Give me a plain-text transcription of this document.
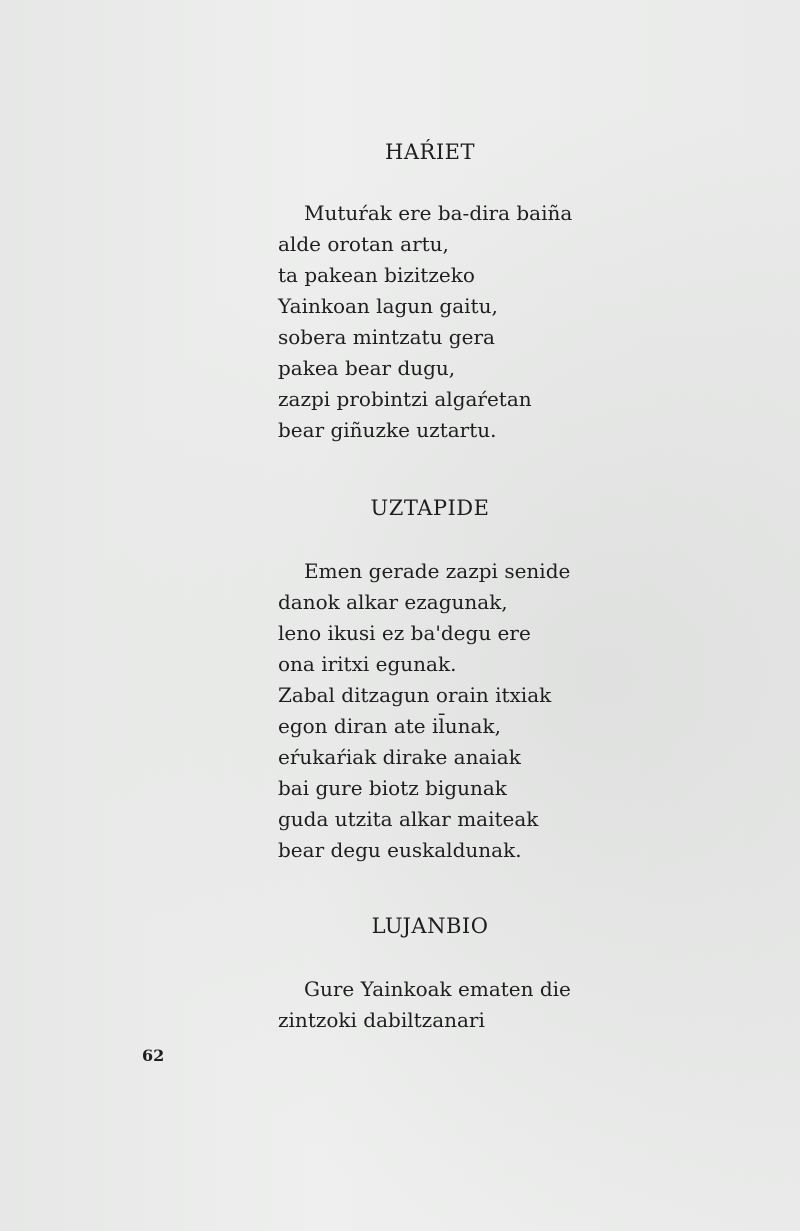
HAŔIET
Mutuŕak ere ba-dira baiña
alde orotan artu,
ta pakean bizitzeko
Yainkoan lagun gaitu,
sobera mintzatu gera
pakea bear dugu,
zazpi probintzi algaŕetan
bear giñuzke uztartu.
UZTAPIDE
Emen gerade zazpi senide
danok alkar ezagunak,
leno ikusi ez ba'degu ere
ona iritxi egunak.
Zabal ditzagun orain itxiak
egon diran ate il̄unak,
eŕukaŕiak dirake anaiak
bai gure biotz bigunak
guda utzita alkar maiteak
bear degu euskaldunak.
LUJANBIO
Gure Yainkoak ematen die
zintzoki dabiltzanari
62
